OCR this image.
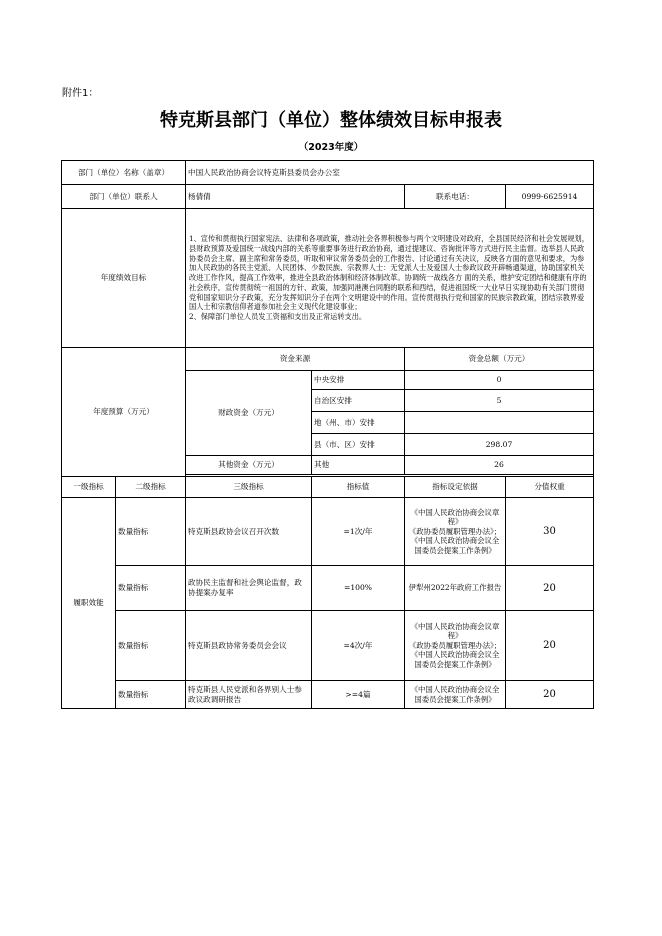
附件1：
特克斯县部门（单位）整体绩效目标申报表
（2023年度）
部门（单位）名称（盖章）		中国人民政治协商会议特克斯县委员会办公室			
部门（单位）联系人		杨倩倩		联系电话：	0999-6625914
年度绩效目标		1、宣传和贯彻执行国家宪法、法律和各项政策，推动社会各界积极参与两个文明建设对政府，全县国民经济和社会发展规划，县财政预算及爱国统一战线内部的关系等重要事务进行政治协商，通过提建议、咨询批评等方式进行民主监督。选举县人民政协委员会主席、副主席和常务委员，听取和审议常务委员会的工作报告、讨论通过有关决议，反映各方面的意见和要求，为参加人民政协的各民主党派、人民团体、少数民族、宗教界人士：无党派人士及爱国人士参政议政开辟畅通渠道，协助国家机关改进工作作风，提高工作效率，推进全县政治体制和经济体制改革。协调统一战线各方 面的关系，维护安定团结和健康有序的社会秩序，宣传贯彻统一祖国的方针、政策，加强同港澳台同胞的联系和西结，促进祖国统一大业早日实现协助有关部门贯彻党和国家知识分子政策，充分发挥知识分子在两个文明建设中的作用。宣传贯彻执行党和国家的民族宗教政策，团结宗教界爱国人士和宗教信仰者道参加社会主义现代化建设事业；
2、保障部门单位人员发工资福和支出及正常运转支出。			
年度预算（万元）		资金来源		资金总额（万元）	
		财政资金（万元）	中央安排	0	
			自治区安排	5	
			地（州、市）安排		
			县（市、区）安排	298.07	
		其他资金（万元）	其他	26	

一级指标	二级指标	三级指标	指标值	指标设定依据	分值权重
履职效能	数量指标	特克斯县政协会议召开次数	=1次/年	《中国人民政治协商会议章程》
《政协委员履职管理办法》；
《中国人民政治协商会议全国委员会提案工作条例》	30
	数量指标	政协民主监督和社会舆论监督，政协提案办复率	=100%	伊犁州2022年政府工作报告	20
	数量指标	特克斯县政协常务委员会会议	=4次/年	《中国人民政治协商会议章程》
《政协委员履职管理办法》；
《中国人民政治协商会议全国委员会提案工作条例》	20
	数量指标	特克斯县人民党派和各界别人士参政议政调研报告	>=4篇	《中国人民政治协商会议全国委员会提案工作条例》	20
